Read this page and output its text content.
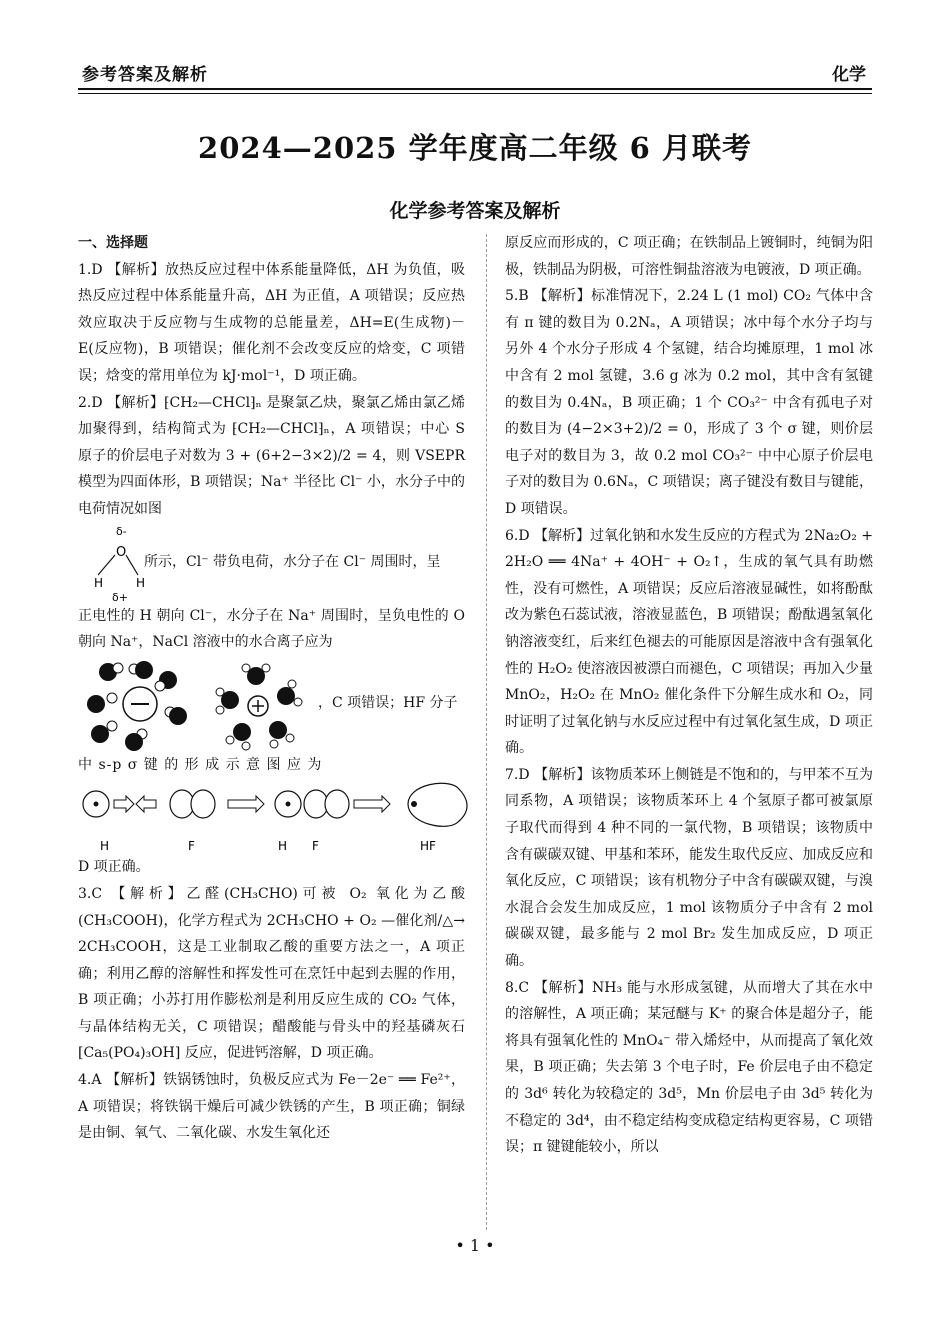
参考答案及解析	化学
2024—2025 学年度高二年级 6 月联考
化学参考答案及解析
一、选择题

1.D 【解析】放热反应过程中体系能量降低，ΔH 为负值，吸热反应过程中体系能量升高，ΔH 为正值，A 项错误；反应热效应取决于反应物与生成物的总能量差，ΔH=E(生成物)－E(反应物)，B 项错误；催化剂不会改变反应的焓变，C 项错误；焓变的常用单位为 kJ·mol⁻¹，D 项正确。

2.D 【解析】⁅CH₂—CHCl⁆ₙ 是聚氯乙炔，聚氯乙烯由氯乙烯加聚得到，结构简式为 ⁅CH₂—CHCl⁆ₙ，A 项错误；中心 S 原子的价层电子对数为 3 + (6+2−3×2)/2 = 4，则 VSEPR 模型为四面体形，B 项错误；Na⁺ 半径比 Cl⁻ 小，水分子中的电荷情况如图

δ-
O
H	H
δ+
所示，Cl⁻ 带负电荷，水分子在 Cl⁻ 周围时，呈

正电性的 H 朝向 Cl⁻，水分子在 Na⁺ 周围时，呈负电性的 O 朝向 Na⁺，NaCl 溶液中的水合离子应为

，C 项错误；HF 分子

中 s-p σ 键 的 形 成 示 意 图 应 为

H	F	H F	HF

D 项正确。

3.C 【解析】乙醛(CH₃CHO)可被 O₂ 氧化为乙酸(CH₃COOH)，化学方程式为 2CH₃CHO + O₂ —催化剂/△→ 2CH₃COOH，这是工业制取乙酸的重要方法之一，A 项正确；利用乙醇的溶解性和挥发性可在烹饪中起到去腥的作用，B 项正确；小苏打用作膨松剂是利用反应生成的 CO₂ 气体，与晶体结构无关，C 项错误；醋酸能与骨头中的羟基磷灰石 [Ca₅(PO₄)₃OH] 反应，促进钙溶解，D 项正确。

4.A 【解析】铁锅锈蚀时，负极反应式为 Fe－2e⁻ ══ Fe²⁺，A 项错误；将铁锅干燥后可减少铁锈的产生，B 项正确；铜绿是由铜、氧气、二氧化碳、水发生氧化还

原反应而形成的，C 项正确；在铁制品上镀铜时，纯铜为阳极，铁制品为阴极，可溶性铜盐溶液为电镀液，D 项正确。

5.B 【解析】标准情况下，2.24 L (1 mol) CO₂ 气体中含有 π 键的数目为 0.2Nₐ，A 项错误；冰中每个水分子均与另外 4 个水分子形成 4 个氢键，结合均摊原理，1 mol 冰中含有 2 mol 氢键，3.6 g 冰为 0.2 mol，其中含有氢键的数目为 0.4Nₐ，B 项正确；1 个 CO₃²⁻ 中含有孤电子对的数目为 (4−2×3+2)/2 = 0，形成了 3 个 σ 键，则价层电子对的数目为 3，故 0.2 mol CO₃²⁻ 中中心原子价层电子对的数目为 0.6Nₐ，C 项错误；离子键没有数目与键能，D 项错误。

6.D 【解析】过氧化钠和水发生反应的方程式为 2Na₂O₂ + 2H₂O ══ 4Na⁺ + 4OH⁻ + O₂↑，生成的氧气具有助燃性，没有可燃性，A 项错误；反应后溶液显碱性，如将酚酞改为紫色石蕊试液，溶液显蓝色，B 项错误；酚酞遇氢氧化钠溶液变红，后来红色褪去的可能原因是溶液中含有强氧化性的 H₂O₂ 使溶液因被漂白而褪色，C 项错误；再加入少量 MnO₂，H₂O₂ 在 MnO₂ 催化条件下分解生成水和 O₂，同时证明了过氧化钠与水反应过程中有过氧化氢生成，D 项正确。

7.D 【解析】该物质苯环上侧链是不饱和的，与甲苯不互为同系物，A 项错误；该物质苯环上 4 个氢原子都可被氯原子取代而得到 4 种不同的一氯代物，B 项错误；该物质中含有碳碳双键、甲基和苯环，能发生取代反应、加成反应和氧化反应，C 项错误；该有机物分子中含有碳碳双键，与溴水混合会发生加成反应，1 mol 该物质分子中含有 2 mol 碳碳双键，最多能与 2 mol Br₂ 发生加成反应，D 项正确。

8.C 【解析】NH₃ 能与水形成氢键，从而增大了其在水中的溶解性，A 项正确；某冠醚与 K⁺ 的聚合体是超分子，能将具有强氧化性的 MnO₄⁻ 带入烯烃中，从而提高了氧化效果，B 项正确；失去第 3 个电子时，Fe 价层电子由不稳定的 3d⁶ 转化为较稳定的 3d⁵，Mn 价层电子由 3d⁵ 转化为不稳定的 3d⁴，由不稳定结构变成稳定结构更容易，C 项错误；π 键键能较小，所以

• 1 •
